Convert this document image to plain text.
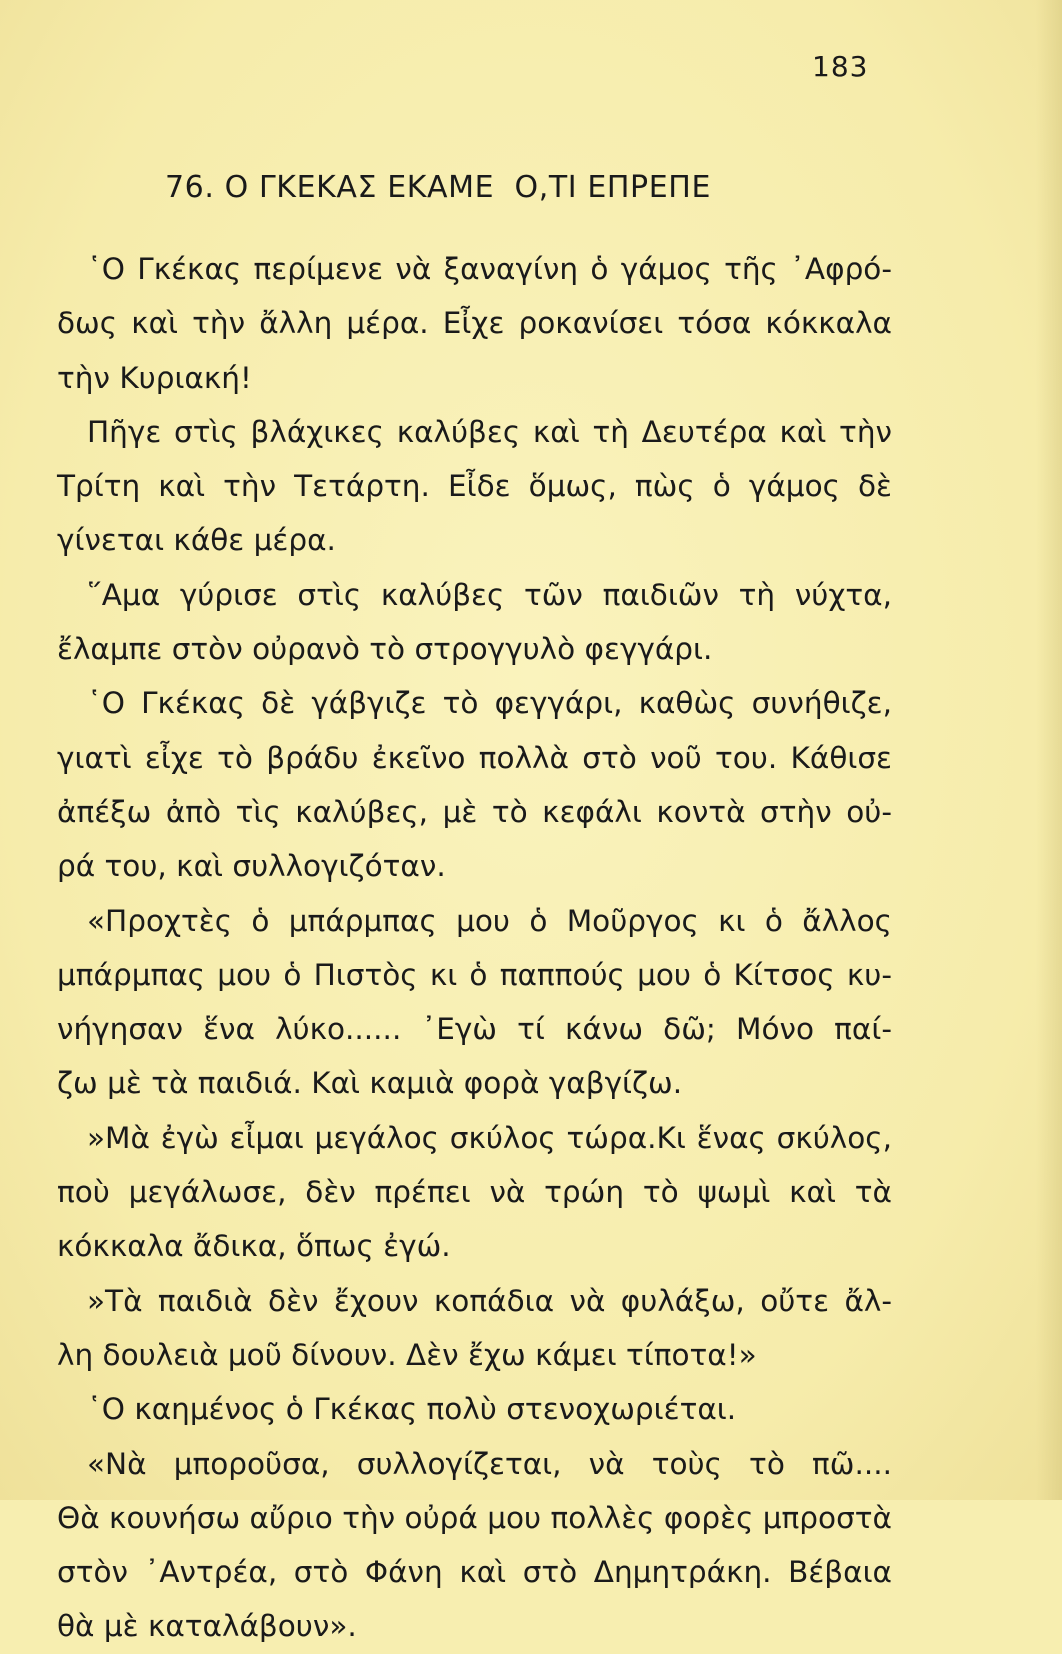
183
76. Ο ΓΚΕΚΑΣ ΕΚΑΜΕ  Ο,ΤΙ ΕΠΡΕΠΕ
῾Ο Γκέκας περίμενε νὰ ξαναγίνη ὁ γάμος τῆς ᾿Αφρό-
δως καὶ τὴν ἄλλη μέρα. Εἶχε ροκανίσει τόσα κόκκαλα
τὴν Κυριακή!
Πῆγε στὶς βλάχικες καλύβες καὶ τὴ Δευτέρα καὶ τὴν
Τρίτη καὶ τὴν Τετάρτη. Εἶδε ὅμως, πὼς ὁ γάμος δὲ
γίνεται κάθε μέρα.
῞Αμα γύρισε στὶς καλύβες τῶν παιδιῶν τὴ νύχτα,
ἔλαμπε στὸν οὐρανὸ τὸ στρογγυλὸ φεγγάρι.
῾Ο Γκέκας δὲ γάβγιζε τὸ φεγγάρι, καθὼς συνήθιζε,
γιατὶ εἶχε τὸ βράδυ ἐκεῖνο πολλὰ στὸ νοῦ του. Κάθισε
ἀπέξω ἀπὸ τὶς καλύβες, μὲ τὸ κεφάλι κοντὰ στὴν οὐ-
ρά του, καὶ συλλογιζόταν.
«Προχτὲς ὁ μπάρμπας μου ὁ Μοῦργος κι ὁ ἄλλος
μπάρμπας μου ὁ Πιστὸς κι ὁ παππούς μου ὁ Κίτσος κυ-
νήγησαν ἕνα λύκο...... ᾿Εγὼ τί κάνω δῶ; Μόνο παί-
ζω μὲ τὰ παιδιά. Καὶ καμιὰ φορὰ γαβγίζω.
»Μὰ ἐγὼ εἶμαι μεγάλος σκύλος τώρα.Κι ἕνας σκύλος,
ποὺ μεγάλωσε, δὲν πρέπει νὰ τρώη τὸ ψωμὶ καὶ τὰ
κόκκαλα ἄδικα, ὅπως ἐγώ.
»Τὰ παιδιὰ δὲν ἔχουν κοπάδια νὰ φυλάξω, οὔτε ἄλ-
λη δουλειὰ μοῦ δίνουν. Δὲν ἔχω κάμει τίποτα!»
῾Ο καημένος ὁ Γκέκας πολὺ στενοχωριέται.
«Νὰ μποροῦσα, συλλογίζεται, νὰ τοὺς τὸ πῶ....
Θὰ κουνήσω αὔριο τὴν οὐρά μου πολλὲς φορὲς μπροστὰ
στὸν ᾿Αντρέα, στὸ Φάνη καὶ στὸ Δημητράκη. Βέβαια
θὰ μὲ καταλάβουν».
